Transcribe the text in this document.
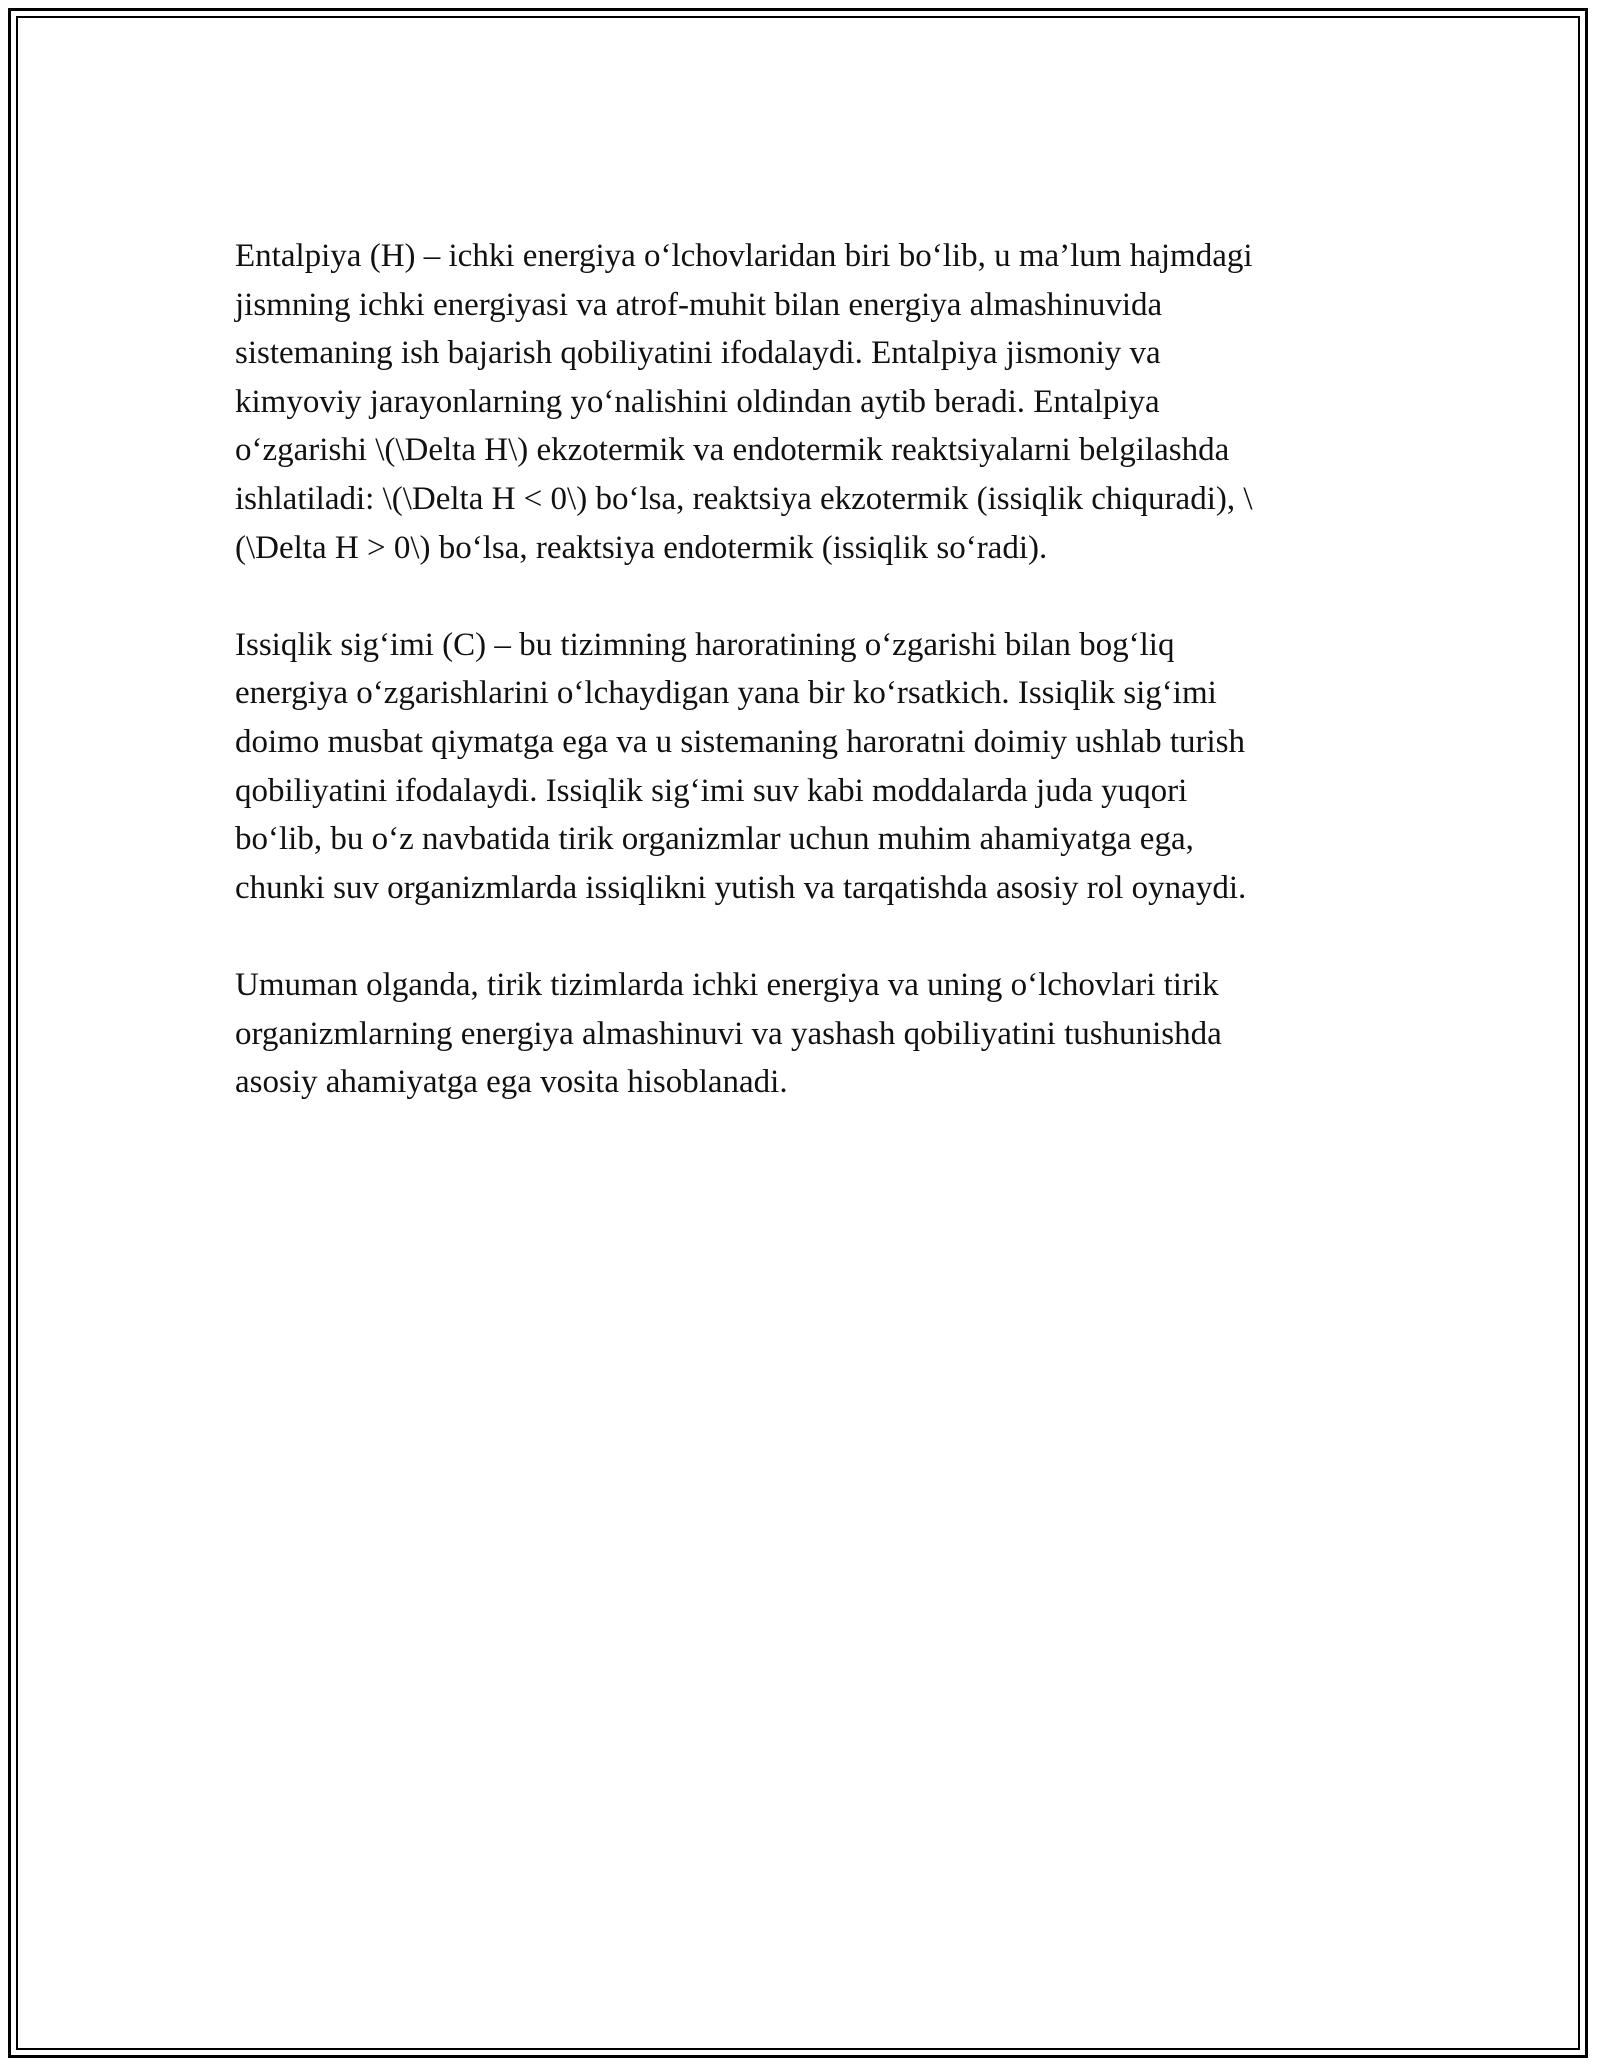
Entalpiya (H) – ichki energiya o‘lchovlaridan biri bo‘lib, u ma’lum hajmdagi
jismning ichki energiyasi va atrof-muhit bilan energiya almashinuvida
sistemaning ish bajarish qobiliyatini ifodalaydi. Entalpiya jismoniy va
kimyoviy jarayonlarning yo‘nalishini oldindan aytib beradi. Entalpiya
o‘zgarishi \(\Delta H\) ekzotermik va endotermik reaktsiyalarni belgilashda
ishlatiladi: \(\Delta H < 0\) bo‘lsa, reaktsiya ekzotermik (issiqlik chiquradi), \
(\Delta H > 0\) bo‘lsa, reaktsiya endotermik (issiqlik so‘radi).

Issiqlik sig‘imi (C) – bu tizimning haroratining o‘zgarishi bilan bog‘liq
energiya o‘zgarishlarini o‘lchaydigan yana bir ko‘rsatkich. Issiqlik sig‘imi
doimo musbat qiymatga ega va u sistemaning haroratni doimiy ushlab turish
qobiliyatini ifodalaydi. Issiqlik sig‘imi suv kabi moddalarda juda yuqori
bo‘lib, bu o‘z navbatida tirik organizmlar uchun muhim ahamiyatga ega,
chunki suv organizmlarda issiqlikni yutish va tarqatishda asosiy rol oynaydi.

Umuman olganda, tirik tizimlarda ichki energiya va uning o‘lchovlari tirik
organizmlarning energiya almashinuvi va yashash qobiliyatini tushunishda
asosiy ahamiyatga ega vosita hisoblanadi.
